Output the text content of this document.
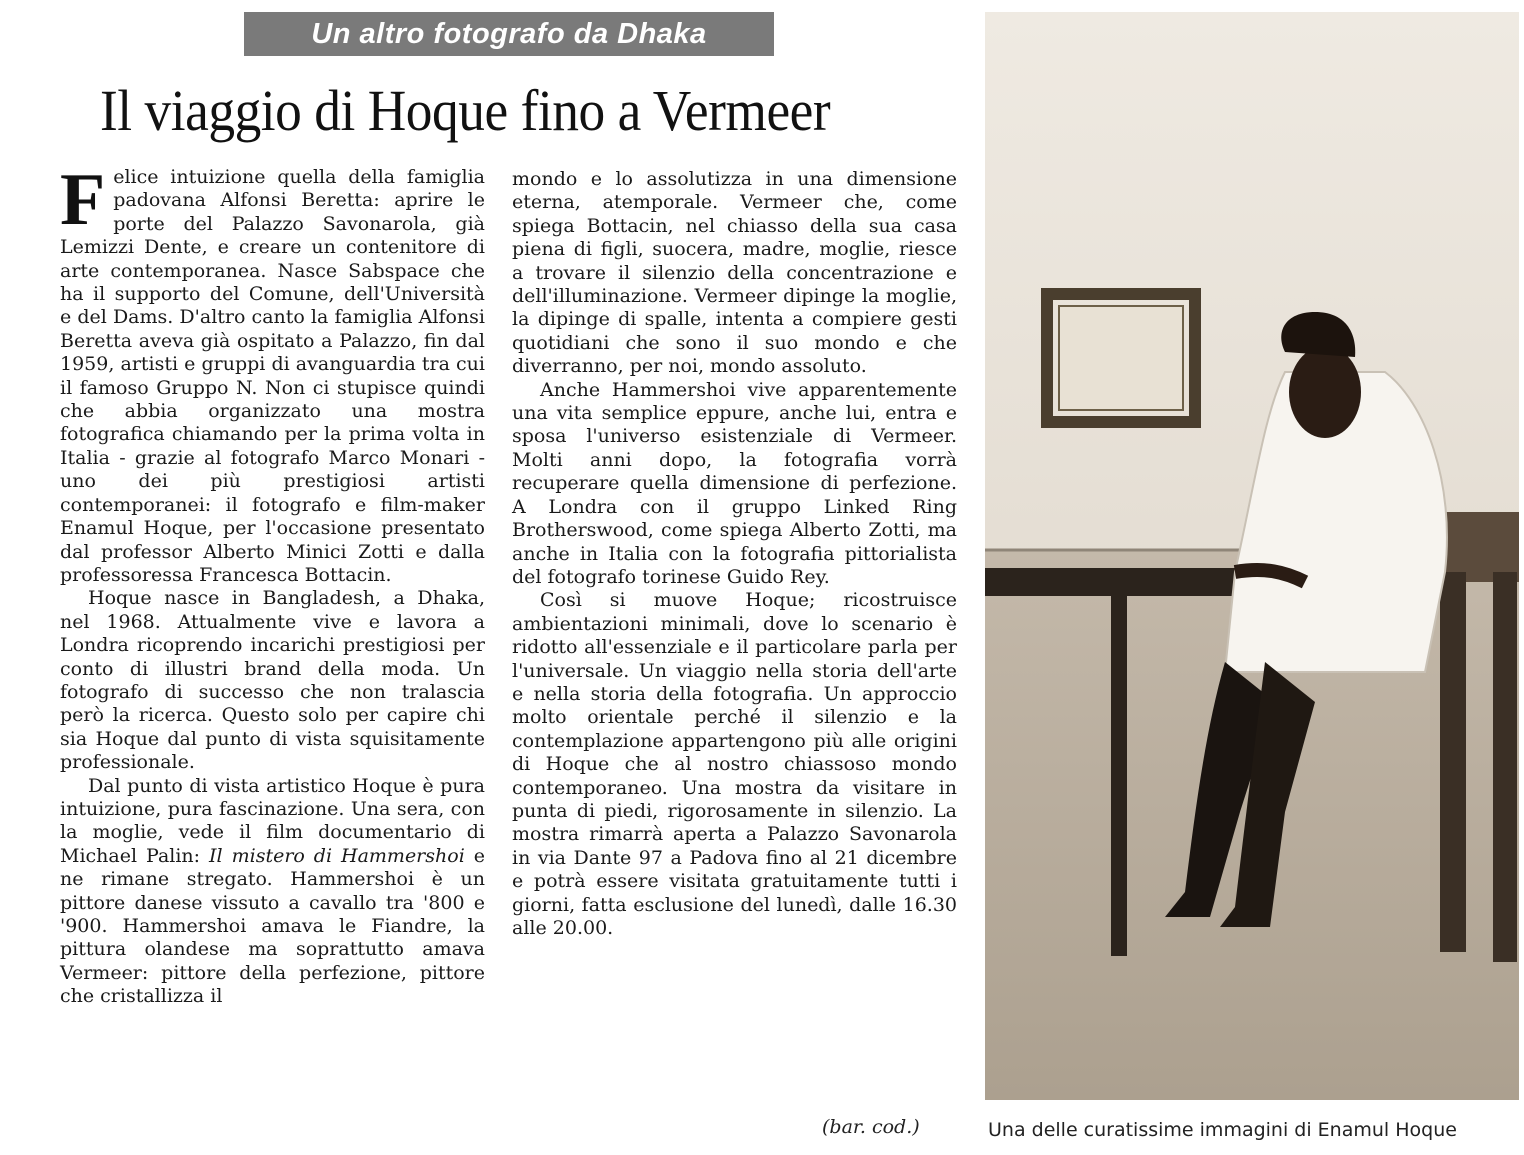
Un altro fotografo da Dhaka
Il viaggio di Hoque fino a Vermeer

Felice intuizione quella della famiglia padovana Alfonsi Beretta: aprire le porte del Palazzo Savonarola, già Lemizzi Dente, e creare un contenitore di arte contemporanea. Nasce Sabspace che ha il supporto del Comune, dell'Università e del Dams. D'altro canto la famiglia Alfonsi Beretta aveva già ospitato a Palazzo, fin dal 1959, artisti e gruppi di avanguardia tra cui il famoso Gruppo N. Non ci stupisce quindi che abbia organizzato una mostra fotografica chiamando per la prima volta in Italia - grazie al fotografo Marco Monari - uno dei più prestigiosi artisti contemporanei: il fotografo e film-maker Enamul Hoque, per l'occasione presentato dal professor Alberto Minici Zotti e dalla professoressa Francesca Bottacin.

Hoque nasce in Bangladesh, a Dhaka, nel 1968. Attualmente vive e lavora a Londra ricoprendo incarichi prestigiosi per conto di illustri brand della moda. Un fotografo di successo che non tralascia però la ricerca. Questo solo per capire chi sia Hoque dal punto di vista squisitamente professionale.

Dal punto di vista artistico Hoque è pura intuizione, pura fascinazione. Una sera, con la moglie, vede il film documentario di Michael Palin: Il mistero di Hammershoi e ne rimane stregato. Hammershoi è un pittore danese vissuto a cavallo tra '800 e '900. Hammershoi amava le Fiandre, la pittura olandese ma soprattutto amava Vermeer: pittore della perfezione, pittore che cristallizza il

mondo e lo assolutizza in una dimensione eterna, atemporale. Vermeer che, come spiega Bottacin, nel chiasso della sua casa piena di figli, suocera, madre, moglie, riesce a trovare il silenzio della concentrazione e dell'illuminazione. Vermeer dipinge la moglie, la dipinge di spalle, intenta a compiere gesti quotidiani che sono il suo mondo e che diverranno, per noi, mondo assoluto.

Anche Hammershoi vive apparentemente una vita semplice eppure, anche lui, entra e sposa l'universo esistenziale di Vermeer. Molti anni dopo, la fotografia vorrà recuperare quella dimensione di perfezione. A Londra con il gruppo Linked Ring Brotherswood, come spiega Alberto Zotti, ma anche in Italia con la fotografia pittorialista del fotografo torinese Guido Rey.

Così si muove Hoque; ricostruisce ambientazioni minimali, dove lo scenario è ridotto all'essenziale e il particolare parla per l'universale. Un viaggio nella storia dell'arte e nella storia della fotografia. Un approccio molto orientale perché il silenzio e la contemplazione appartengono più alle origini di Hoque che al nostro chiassoso mondo contemporaneo. Una mostra da visitare in punta di piedi, rigorosamente in silenzio. La mostra rimarrà aperta a Palazzo Savonarola in via Dante 97 a Padova fino al 21 dicembre e potrà essere visitata gratuitamente tutti i giorni, fatta esclusione del lunedì, dalle 16.30 alle 20.00.

(bar. cod.)	Una delle curatissime immagini di Enamul Hoque
